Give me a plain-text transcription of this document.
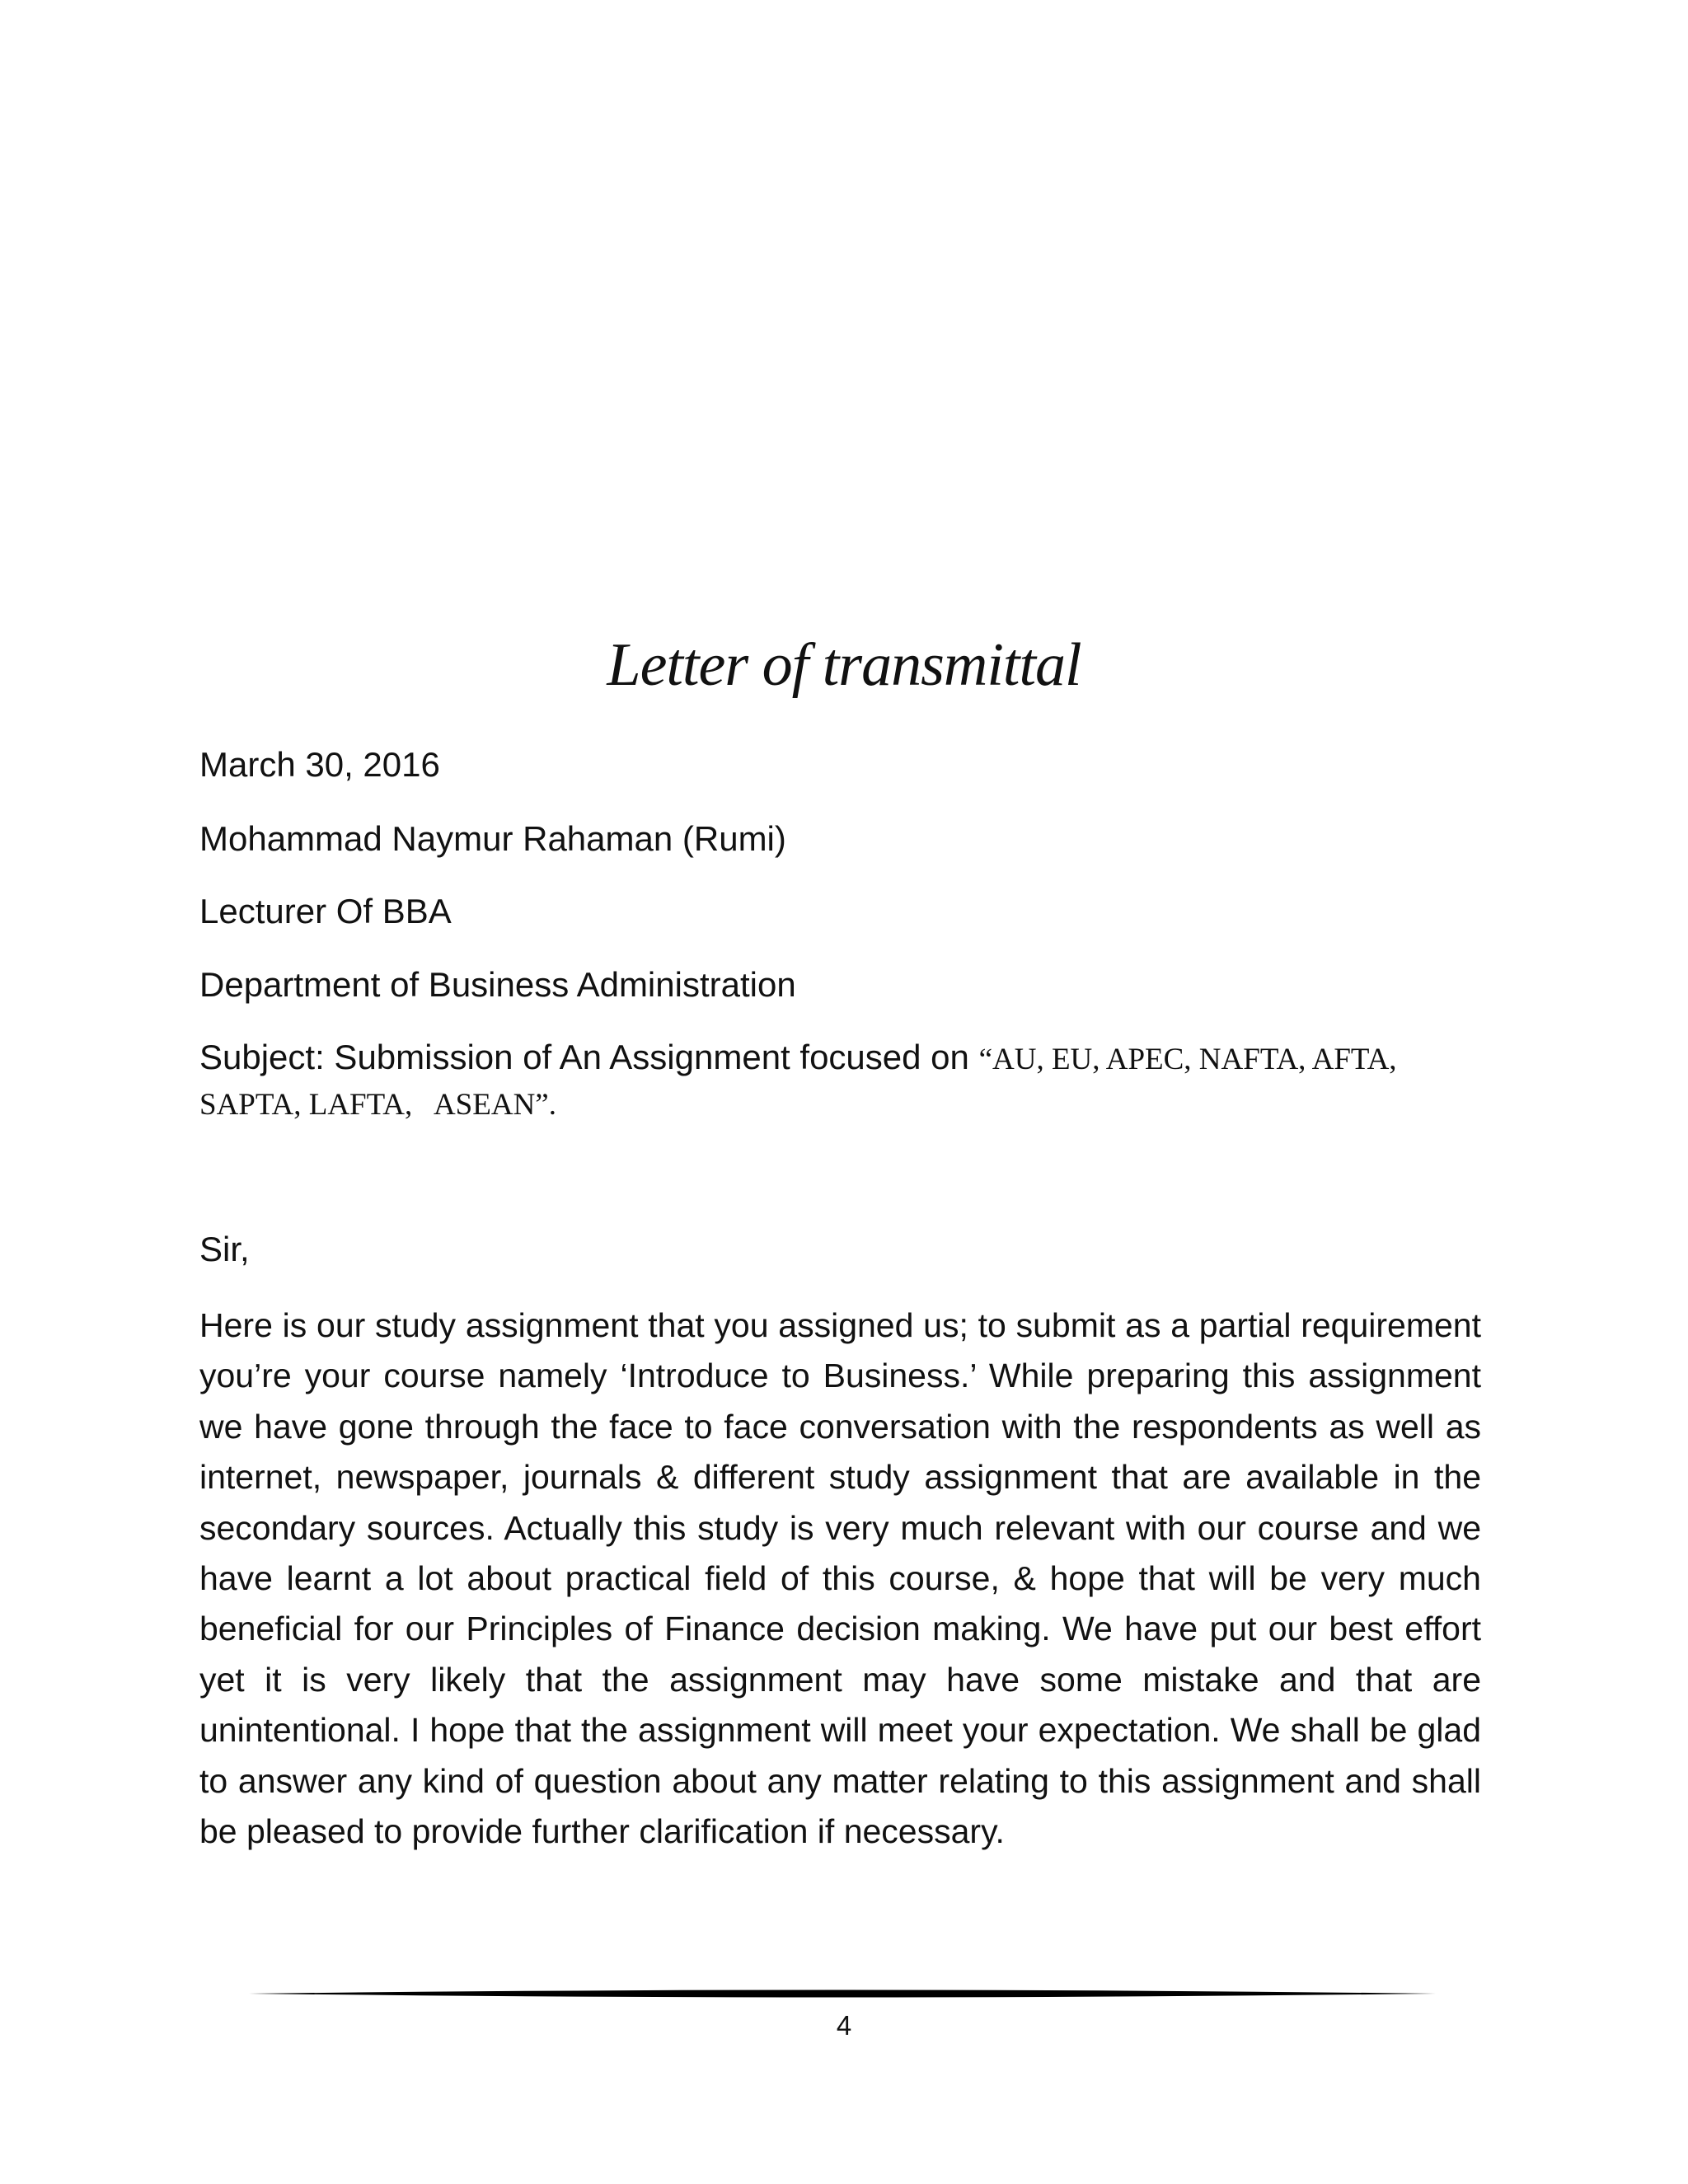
Letter of transmittal
March 30, 2016
Mohammad Naymur Rahaman (Rumi)
Lecturer Of BBA
Department of Business Administration
Subject: Submission of An Assignment focused on “AU, EU, APEC, NAFTA, AFTA,
SAPTA, LAFTA,   ASEAN”.
Sir,
Here is our study assignment that you assigned us; to submit as a partial requirement you’re your course namely ‘Introduce to Business.’ While preparing this assignment we have gone through the face to face conversation with the respondents as well as internet, newspaper, journals & different study assignment that are available in the secondary sources. Actually this study is very much relevant with our course and we have learnt a lot about practical field of this course, & hope that will be very much beneficial for our Principles of Finance decision making. We have put our best effort yet it is very likely that the assignment may have some mistake and that are unintentional. I hope that the assignment will meet your expectation. We shall be glad to answer any kind of question about any matter relating to this assignment and shall be pleased to provide further clarification if necessary.
4
